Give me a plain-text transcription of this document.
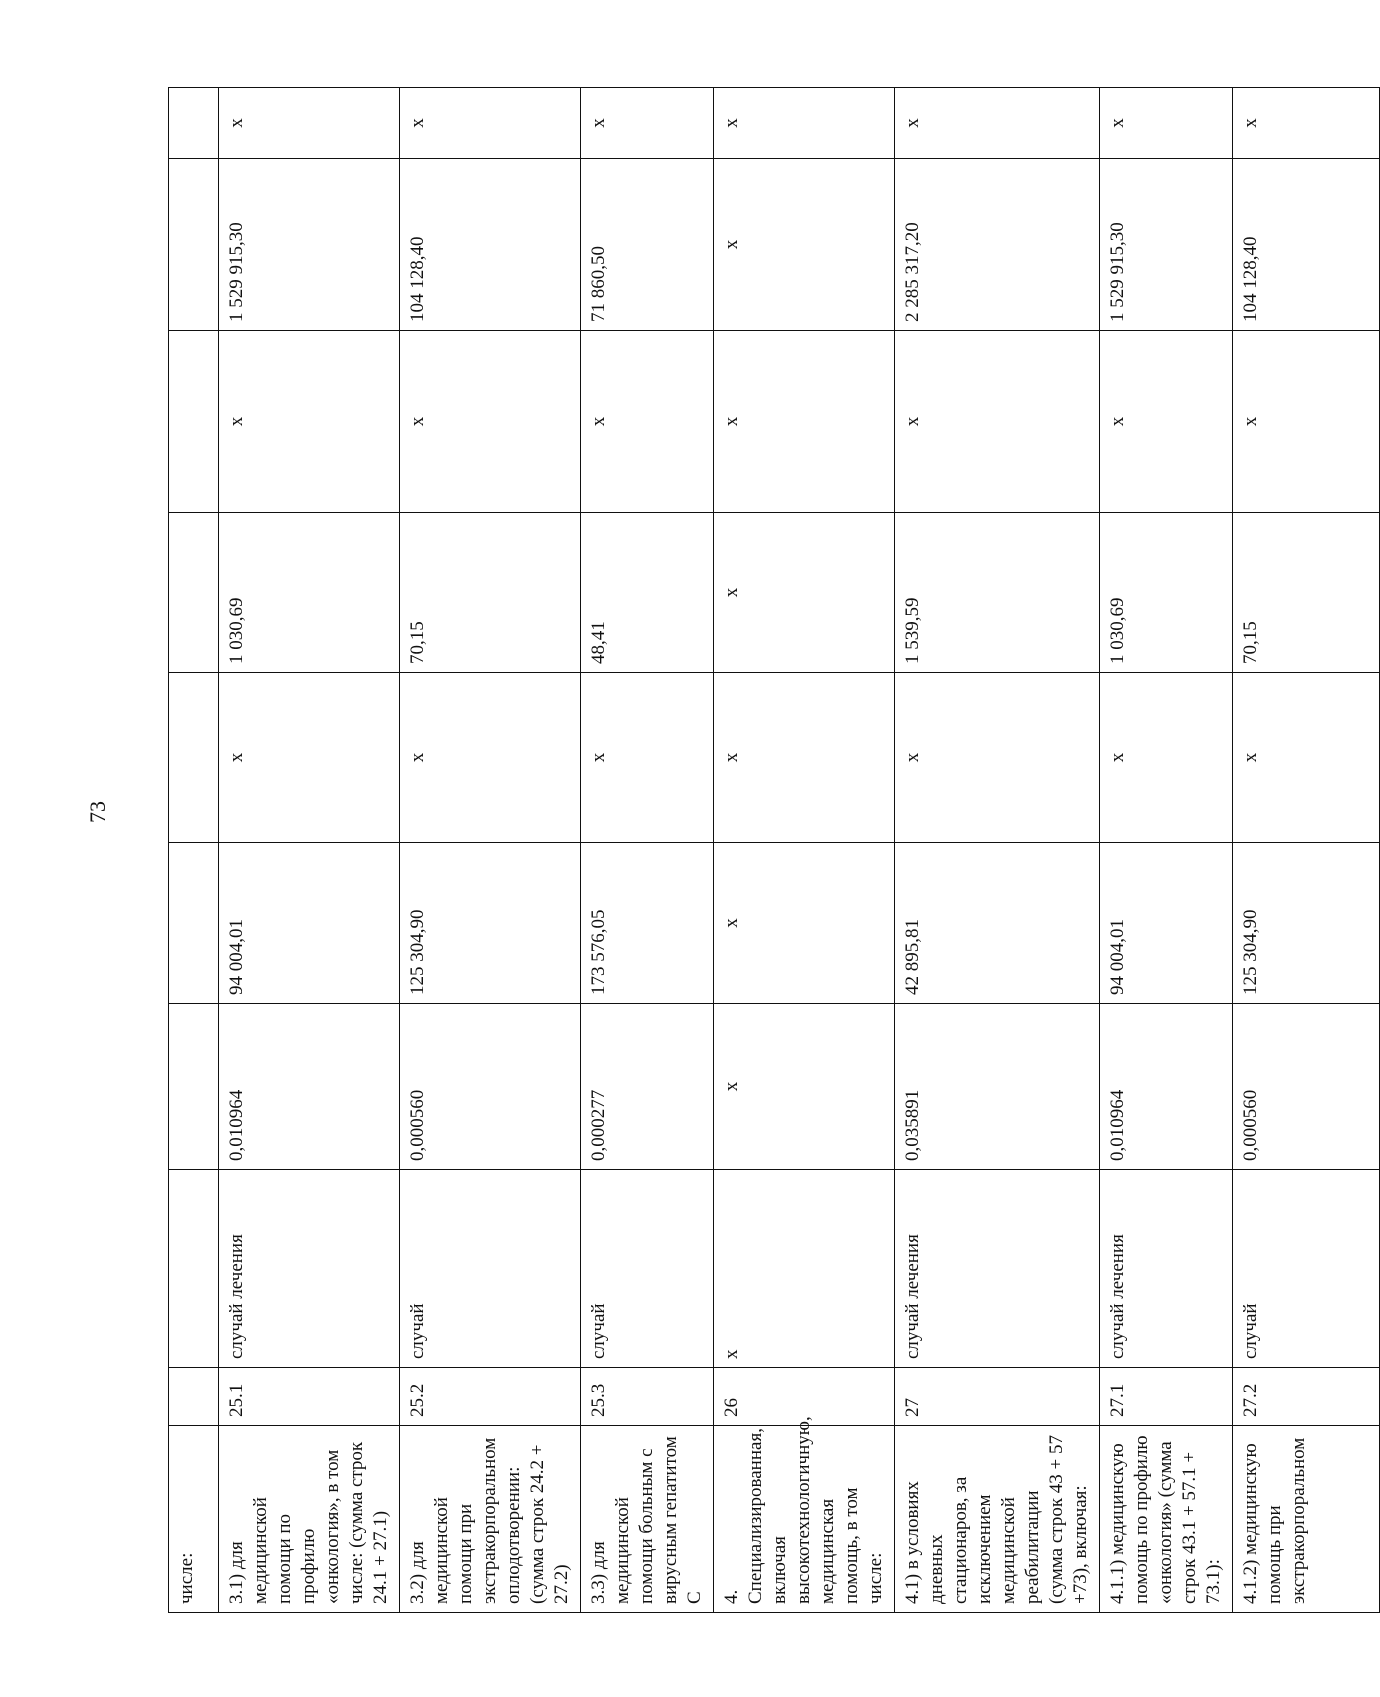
73
числе:									
3.1) для медицинской помощи по профилю «онкология», в том числе: (сумма строк 24.1 + 27.1)	25.1	случай лечения	0,010964	94 004,01	х	1 030,69	х	1 529 915,30	х
3.2) для медицинской помощи при экстракорпоральном оплодотворении: (сумма строк 24.2 + 27.2)	25.2	случай	0,000560	125 304,90	х	70,15	х	104 128,40	х
3.3) для медицинской помощи больным с вирусным гепатитом С	25.3	случай	0,000277	173 576,05	х	48,41	х	71 860,50	х
4. Специализированная, включая высокотехнологичную, медицинская помощь, в том числе:	26	х	х	х	х	х	х	х	х
4.1) в условиях дневных стационаров, за исключением медицинской реабилитации (сумма строк 43 + 57 +73), включая:	27	случай лечения	0,035891	42 895,81	х	1 539,59	х	2 285 317,20	х
4.1.1) медицинскую помощь по профилю «онкология» (сумма строк 43.1 + 57.1 + 73.1):	27.1	случай лечения	0,010964	94 004,01	х	1 030,69	х	1 529 915,30	х
4.1.2) медицинскую помощь при экстракорпоральном	27.2	случай	0,000560	125 304,90	х	70,15	х	104 128,40	х
